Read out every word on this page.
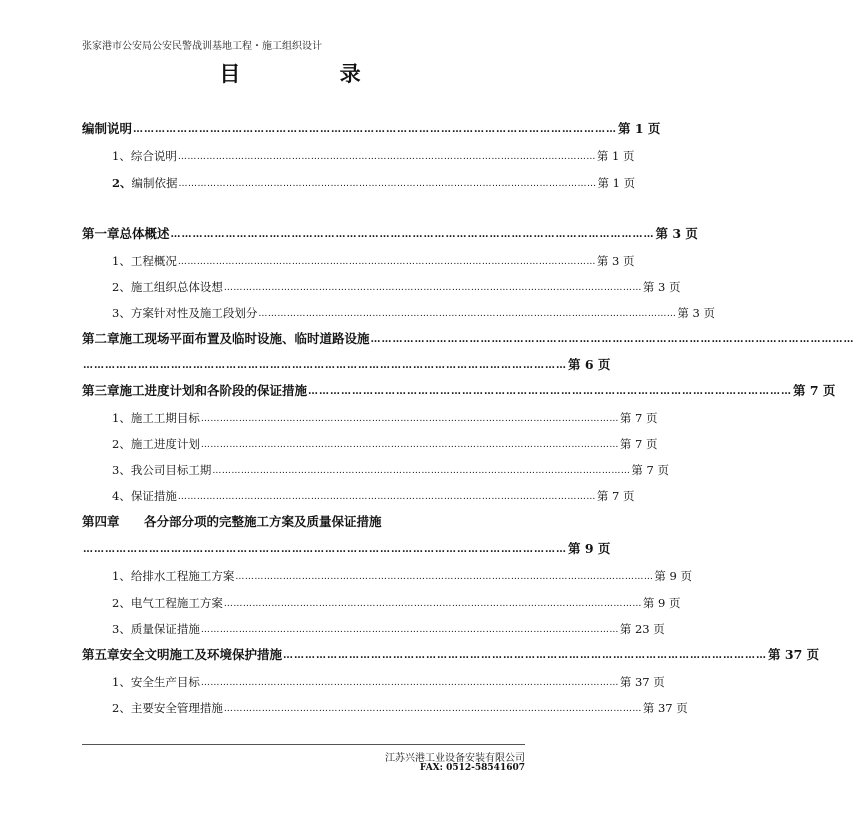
张家港市公安局公安民警战训基地工程・施工组织设计
目 录
编制说明 …………………………………………………………………………………………………………………… 第 1 页
1、 综合说明 …………………………………………………………………………………………………………………… 第 1 页
2、 编制依据 …………………………………………………………………………………………………………………… 第 1 页
第一章 总体概述 …………………………………………………………………………………………………………………… 第 3 页
1、 工程概况 …………………………………………………………………………………………………………………… 第 3 页
2、 施工组织总体设想 …………………………………………………………………………………………………………………… 第 3 页
3、 方案针对性及施工段划分 …………………………………………………………………………………………………………………… 第 3 页
第二章 施工现场平面布置及临时设施、临时道路设施 ……………………………………………………………………………………………………………………
…………………………………………………………………………………………………………………… 第 6 页
第三章 施工进度计划和各阶段的保证措施 …………………………………………………………………………………………………………………… 第 7 页
1、 施工工期目标 …………………………………………………………………………………………………………………… 第 7 页
2、 施工进度计划 …………………………………………………………………………………………………………………… 第 7 页
3、 我公司目标工期 …………………………………………………………………………………………………………………… 第 7 页
4、 保证措施 …………………………………………………………………………………………………………………… 第 7 页
第四章	各分部分项的完整施工方案及质量保证措施
…………………………………………………………………………………………………………………… 第 9 页
1、 给排水工程施工方案 …………………………………………………………………………………………………………………… 第 9 页
2、 电气工程施工方案 …………………………………………………………………………………………………………………… 第 9 页
3、 质量保证措施 …………………………………………………………………………………………………………………… 第 23 页
第五章 安全文明施工及环境保护措施 …………………………………………………………………………………………………………………… 第 37 页
1、 安全生产目标 …………………………………………………………………………………………………………………… 第 37 页
2、 主要安全管理措施 …………………………………………………………………………………………………………………… 第 37 页
江苏兴港工业设备安装有限公司
FAX: 0512-58541607
